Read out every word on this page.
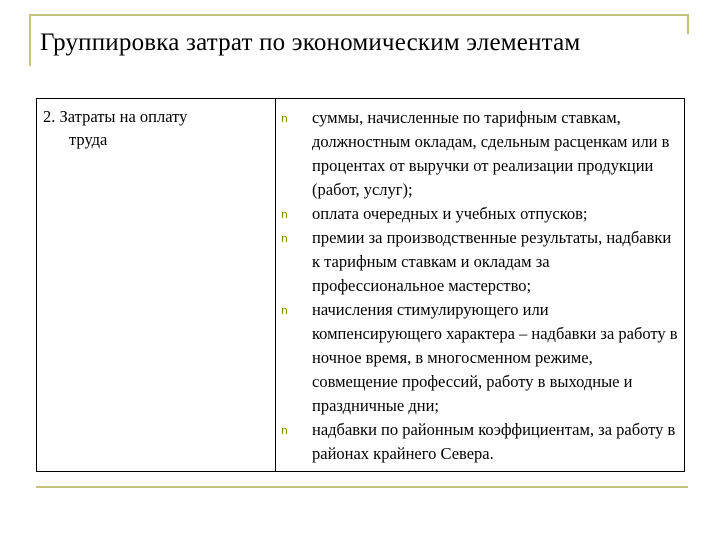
Группировка затрат по экономическим элементам
2. Затраты на оплату
труда
n суммы, начисленные по тарифным ставкам, должностным окладам, сдельным расценкам или в процентах от выручки от реализации продукции (работ, услуг);
n оплата очередных и учебных отпусков;
n премии за производственные результаты, надбавки к тарифным ставкам и окладам за профессиональное мастерство;
n начисления стимулирующего или компенсирующего характера – надбавки за работу в ночное время, в многосменном режиме, совмещение профессий, работу в выходные и праздничные дни;
n надбавки по районным коэффициентам, за работу в районах крайнего Севера.
